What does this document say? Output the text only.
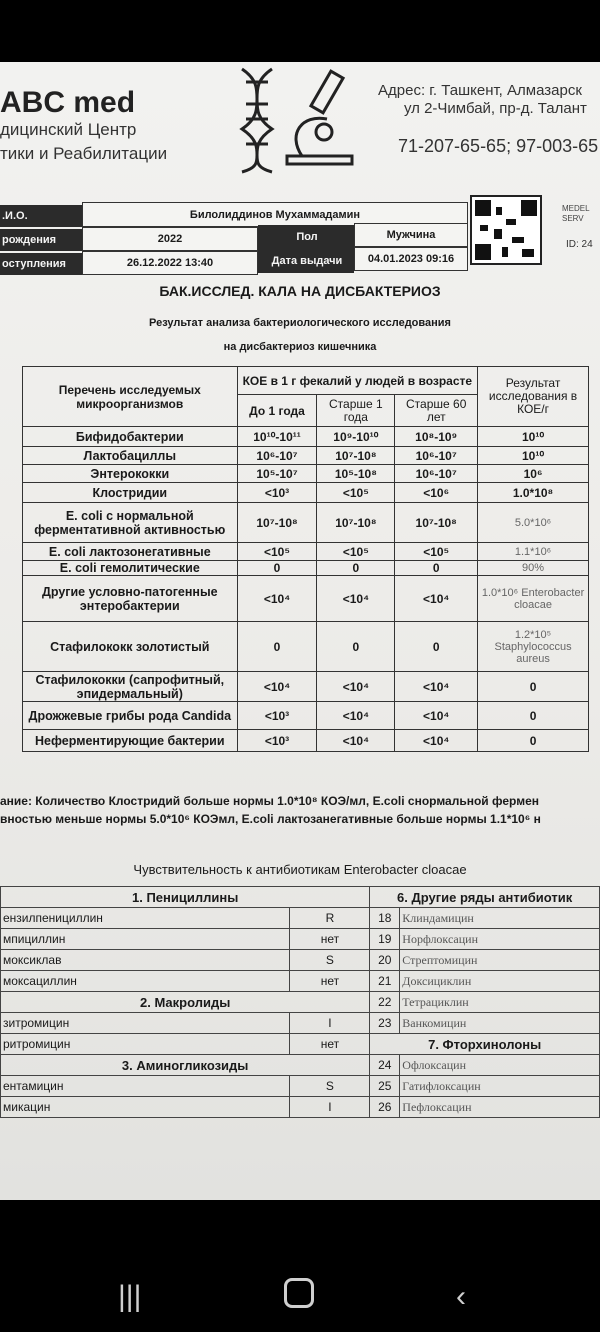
ABC med
дицинский Центр
тики и Реабилитации
Адрес: г. Ташкент, Алмазарск
ул 2-Чимбай, пр-д. Талант
71-207-65-65; 97-003-65
MEDEL
SERV
ID: 24
.И.О.	Билолиддинов Мухаммадамин
рождения	2022	Пол	Мужчина
оступления	26.12.2022 13:40	Дата выдачи	04.01.2023 09:16
БАК.ИССЛЕД. КАЛА НА ДИСБАКТЕРИОЗ
Результат анализа бактериологического исследования
на дисбактериоз кишечника
Перечень исследуемых микроорганизмов	КОЕ в 1 г фекалий у людей в возрасте			Результат исследования в КОЕ/г
	До 1 года	Старше 1 года	Старше 60 лет	
Бифидобактерии	10¹⁰-10¹¹	10⁹-10¹⁰	10⁸-10⁹	10¹⁰
Лактобациллы	10⁶-10⁷	10⁷-10⁸	10⁶-10⁷	10¹⁰
Энтерококки	10⁵-10⁷	10⁵-10⁸	10⁶-10⁷	10⁶
Клостридии	<10³	<10⁵	<10⁶	1.0*10⁸
E. coli с нормальной ферментативной активностью	10⁷-10⁸	10⁷-10⁸	10⁷-10⁸	5.0*10⁶
E. coli лактозонегативные	<10⁵	<10⁵	<10⁵	1.1*10⁶
E. coli гемолитические	0	0	0	90%
Другие условно-патогенные энтеробактерии	<10⁴	<10⁴	<10⁴	1.0*10⁶ Enterobacter cloacae
Стафилококк золотистый	0	0	0	1.2*10⁵ Staphylococcus aureus
Стафилококки (сапрофитный, эпидермальный)	<10⁴	<10⁴	<10⁴	0
Дрожжевые грибы рода Candida	<10³	<10⁴	<10⁴	0
Неферментирующие бактерии	<10³	<10⁴	<10⁴	0
ание: Количество Клостридий больше нормы 1.0*10⁸ КОЭ/мл, E.coli снормальной фермен
вностью меньше нормы 5.0*10⁶ КОЭмл, E.coli лактозанегативные больше нормы 1.1*10⁶ н
Чувствительность к антибиотикам Enterobacter cloacae
1. Пенициллины		6. Другие ряды антибиотик	
ензилпенициллин	R	18	Клиндамицин
мпициллин	нет	19	Норфлоксацин
мoксиклав	S	20	Стрептомицин
мoксациллин	нет	21	Доксициклин
2. Макролиды		22	Тетрациклин
зитромицин	I	23	Ванкомицин
ритромицин	нет	7. Фторхинолоны	
3. Аминогликозиды		24	Офлоксацин
ентамицин	S	25	Гатифлоксацин
микацин	I	26	Пефлоксацин
|||	‹
